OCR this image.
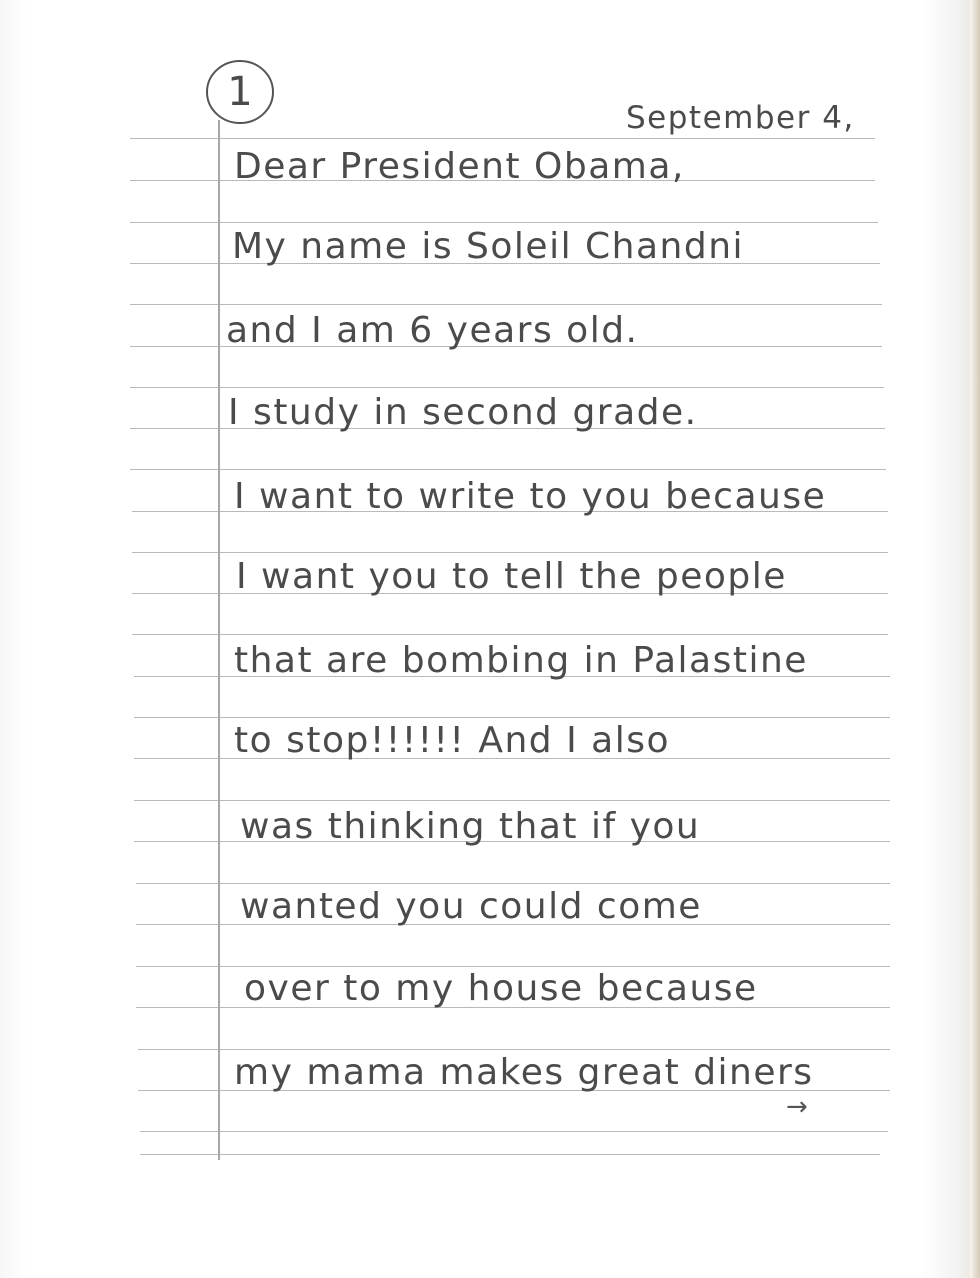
1
September 4,
Dear President Obama,
My name is Soleil Chandni
and I am 6 years old.
I study in second grade.
I want to write to you because
I want you to tell the people
that are bombing in Palastine
to stop!!!!!! And I also
was thinking that if you
wanted you could come
over to my house because
my mama makes great diners
→
